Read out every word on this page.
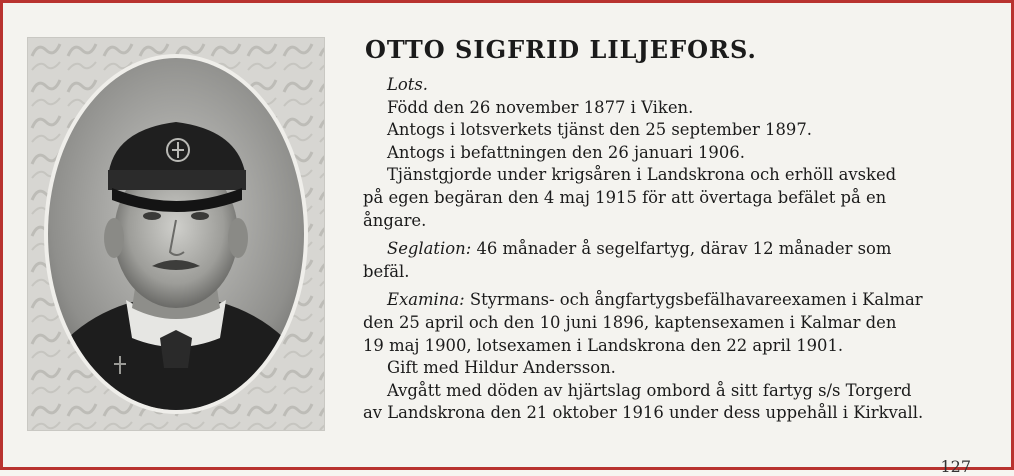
OTTO SIGFRID LILJEFORS.
Lots.
Född den 26 november 1877 i Viken.
Antogs i lotsverkets tjänst den 25 september 1897.
Antogs i befattningen den 26 januari 1906.
Tjänstgjorde under krigsåren i Landskrona och erhöll avsked
på egen begäran den 4 maj 1915 för att övertaga befälet på en
ångare.
Seglation: 46 månader å segelfartyg, därav 12 månader som
befäl.
Examina: Styrmans- och ångfartygsbefälhavareexamen i Kalmar
den 25 april och den 10 juni 1896, kaptensexamen i Kalmar den
19 maj 1900, lotsexamen i Landskrona den 22 april 1901.
Gift med Hildur Andersson.
Avgått med döden av hjärtslag ombord å sitt fartyg s/s Torgerd
av Landskrona den 21 oktober 1916 under dess uppehåll i Kirkvall.
127
